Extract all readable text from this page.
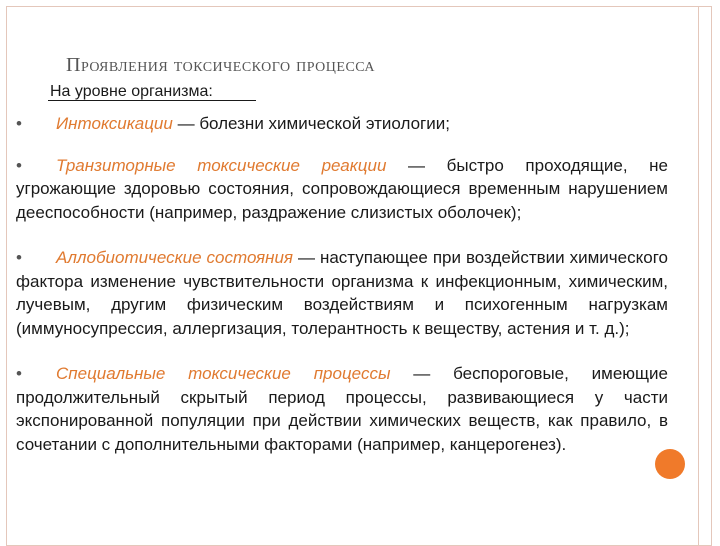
Проявления токсического процесса
На уровне организма:

• Интоксикации — болезни химической этиологии;

• Транзиторные токсические реакции — быстро проходящие, не угрожающие здоровью состояния, сопровождающиеся временным нарушением дееспособности (например, раздражение слизистых оболочек);

• Аллобиотические состояния — наступающее при воздействии химического фактора изменение чувствительности организма к инфекционным, химическим, лучевым, другим физическим воздействиям и психогенным нагрузкам (иммуносупрессия, аллергизация, толерантность к веществу, астения и т. д.);

• Специальные токсические процессы — беспороговые, имеющие продолжительный скрытый период процессы, развивающиеся у части экспонированной популяции при действии химических веществ, как правило, в сочетании с дополнительными факторами (например, канцерогенез).
